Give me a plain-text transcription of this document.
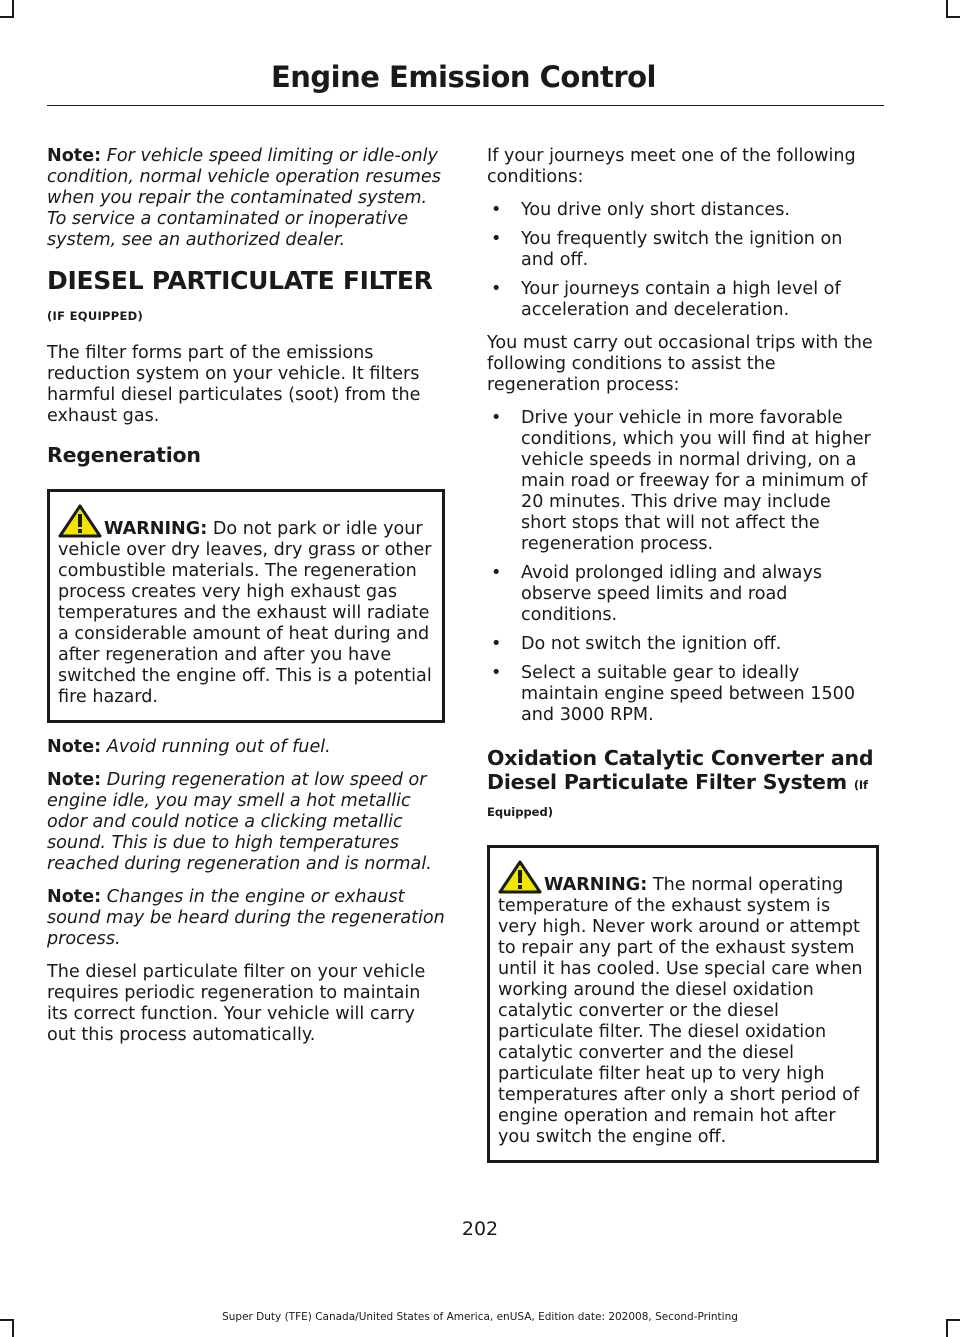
Engine Emission Control

Note: For vehicle speed limiting or idle-only condition, normal vehicle operation resumes when you repair the contaminated system. To service a contaminated or inoperative system, see an authorized dealer.

DIESEL PARTICULATE FILTER
(IF EQUIPPED)

The filter forms part of the emissions reduction system on your vehicle. It filters harmful diesel particulates (soot) from the exhaust gas.

Regeneration

WARNING: Do not park or idle your vehicle over dry leaves, dry grass or other combustible materials. The regeneration process creates very high exhaust gas temperatures and the exhaust will radiate a considerable amount of heat during and after regeneration and after you have switched the engine off. This is a potential fire hazard.

Note: Avoid running out of fuel.

Note: During regeneration at low speed or engine idle, you may smell a hot metallic odor and could notice a clicking metallic sound. This is due to high temperatures reached during regeneration and is normal.

Note: Changes in the engine or exhaust sound may be heard during the regeneration process.

The diesel particulate filter on your vehicle requires periodic regeneration to maintain its correct function. Your vehicle will carry out this process automatically.

If your journeys meet one of the following conditions:

• You drive only short distances.
• You frequently switch the ignition on and off.
• Your journeys contain a high level of acceleration and deceleration.

You must carry out occasional trips with the following conditions to assist the regeneration process:

• Drive your vehicle in more favorable conditions, which you will find at higher vehicle speeds in normal driving, on a main road or freeway for a minimum of 20 minutes. This drive may include short stops that will not affect the regeneration process.
• Avoid prolonged idling and always observe speed limits and road conditions.
• Do not switch the ignition off.
• Select a suitable gear to ideally maintain engine speed between 1500 and 3000 RPM.
Oxidation Catalytic Converter and Diesel Particulate Filter System (If
Equipped)

WARNING: The normal operating temperature of the exhaust system is very high. Never work around or attempt to repair any part of the exhaust system until it has cooled. Use special care when working around the diesel oxidation catalytic converter or the diesel particulate filter. The diesel oxidation catalytic converter and the diesel particulate filter heat up to very high temperatures after only a short period of engine operation and remain hot after you switch the engine off.

202
Super Duty (TFE) Canada/United States of America, enUSA, Edition date: 202008, Second-Printing
